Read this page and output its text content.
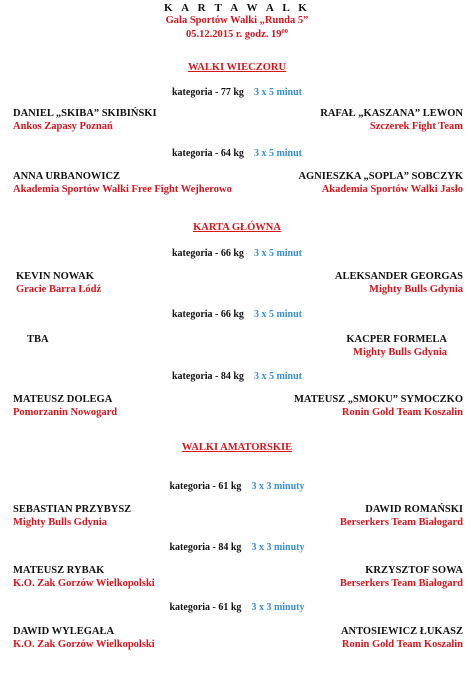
K A R T A W A L K
Gala Sportów Walki „Runda 5”
05.12.2015 r. godz. $19^{00}$
WALKI WIECZORU
kategoria - 77 kg 3 x 5 minut
DANIEL „SKIBA” SKIBIŃSKI
Ankos Zapasy Poznań
RAFAŁ „KASZANA” LEWON
Szczerek Fight Team
kategoria - 64 kg 3 x 5 minut
ANNA URBANOWICZ
Akademia Sportów Walki Free Fight Wejherowo
AGNIESZKA „SOPLA” SOBCZYK
Akademia Sportów Walki Jasło
KARTA GŁÓWNA
kategoria - 66 kg 3 x 5 minut
KEVIN NOWAK
Gracie Barra Łódź
ALEKSANDER GEORGAS
Mighty Bulls Gdynia
kategoria - 66 kg 3 x 5 minut
TBA	KACPER FORMELA
Mighty Bulls Gdynia
kategoria - 84 kg 3 x 5 minut
MATEUSZ DOLEGA
Pomorzanin Nowogard
MATEUSZ „SMOKU” SYMOCZKO
Ronin Gold Team Koszalin
WALKI AMATORSKIE
kategoria - 61 kg 3 x 3 minuty
SEBASTIAN PRZYBYSZ
Mighty Bulls Gdynia
DAWID ROMAŃSKI
Berserkers Team Białogard
kategoria - 84 kg 3 x 3 minuty
MATEUSZ RYBAK
K.O. Zak Gorzów Wielkopolski
KRZYSZTOF SOWA
Berserkers Team Białogard
kategoria - 61 kg 3 x 3 minuty
DAWID WYLEGAŁA
K.O. Zak Gorzów Wielkopolski
ANTOSIEWICZ ŁUKASZ
Ronin Gold Team Koszalin
